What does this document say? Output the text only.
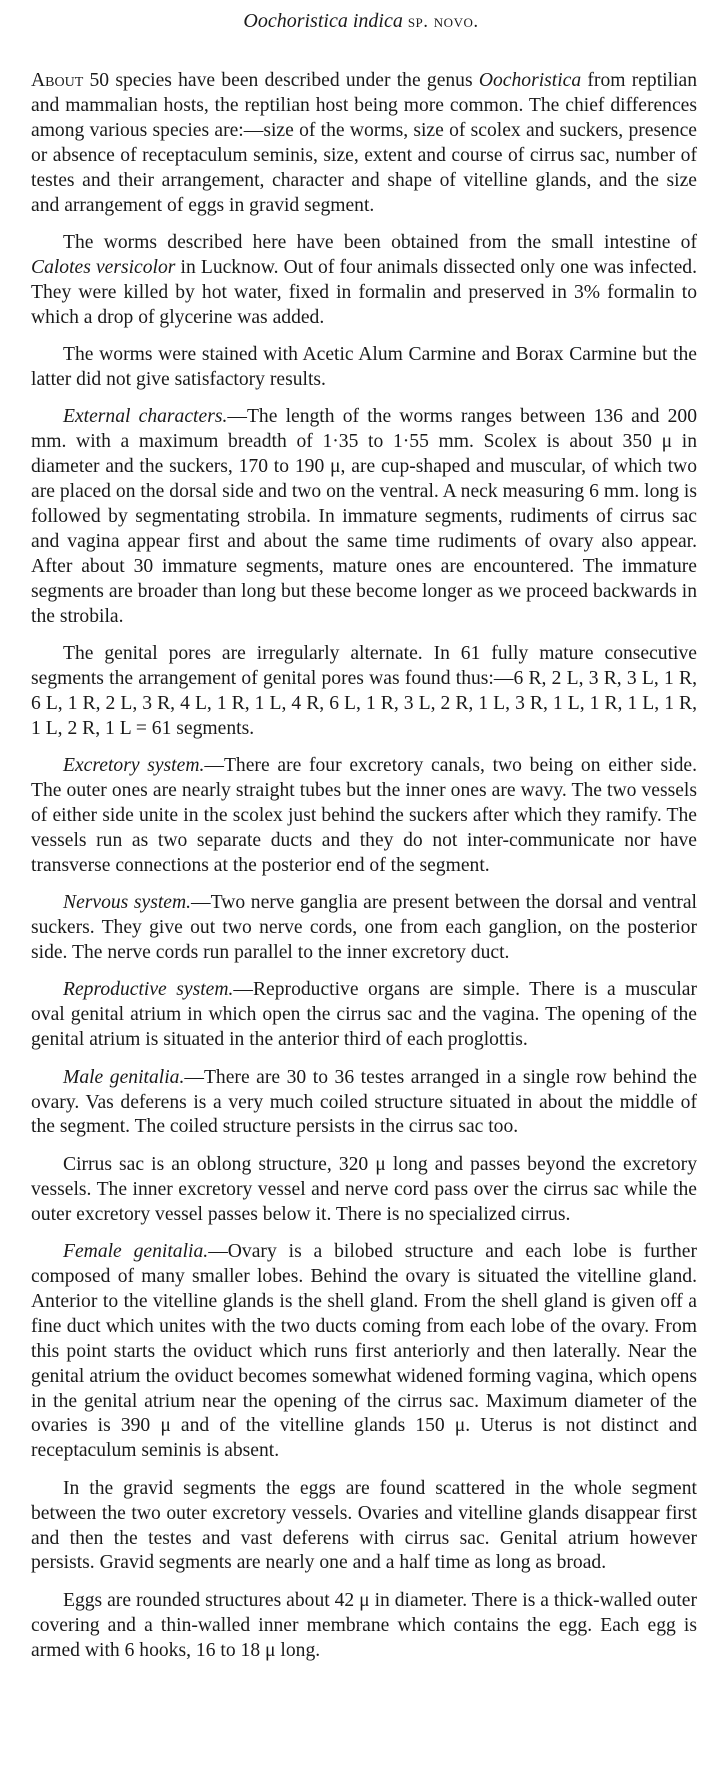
Oochoristica indica sp. novo.

About 50 species have been described under the genus Oochoristica from reptilian and mammalian hosts, the reptilian host being more common. The chief differences among various species are:—size of the worms, size of scolex and suckers, presence or absence of receptaculum seminis, size, extent and course of cirrus sac, number of testes and their arrangement, character and shape of vitelline glands, and the size and arrangement of eggs in gravid segment.

The worms described here have been obtained from the small intestine of Calotes versicolor in Lucknow. Out of four animals dissected only one was infected. They were killed by hot water, fixed in formalin and preserved in 3% formalin to which a drop of glycerine was added.

The worms were stained with Acetic Alum Carmine and Borax Carmine but the latter did not give satisfactory results.

External characters.—The length of the worms ranges between 136 and 200 mm. with a maximum breadth of 1·35 to 1·55 mm. Scolex is about 350 μ in diameter and the suckers, 170 to 190 μ, are cup-shaped and muscular, of which two are placed on the dorsal side and two on the ventral. A neck measuring 6 mm. long is followed by segmentating strobila. In immature segments, rudiments of cirrus sac and vagina appear first and about the same time rudiments of ovary also appear. After about 30 immature segments, mature ones are encountered. The immature segments are broader than long but these become longer as we proceed backwards in the strobila.

The genital pores are irregularly alternate. In 61 fully mature consecutive segments the arrangement of genital pores was found thus:—6 R, 2 L, 3 R, 3 L, 1 R, 6 L, 1 R, 2 L, 3 R, 4 L, 1 R, 1 L, 4 R, 6 L, 1 R, 3 L, 2 R, 1 L, 3 R, 1 L, 1 R, 1 L, 1 R, 1 L, 2 R, 1 L = 61 segments.

Excretory system.—There are four excretory canals, two being on either side. The outer ones are nearly straight tubes but the inner ones are wavy. The two vessels of either side unite in the scolex just behind the suckers after which they ramify. The vessels run as two separate ducts and they do not inter-communicate nor have transverse connections at the posterior end of the segment.

Nervous system.—Two nerve ganglia are present between the dorsal and ventral suckers. They give out two nerve cords, one from each ganglion, on the posterior side. The nerve cords run parallel to the inner excretory duct.

Reproductive system.—Reproductive organs are simple. There is a muscular oval genital atrium in which open the cirrus sac and the vagina. The opening of the genital atrium is situated in the anterior third of each proglottis.

Male genitalia.—There are 30 to 36 testes arranged in a single row behind the ovary. Vas deferens is a very much coiled structure situated in about the middle of the segment. The coiled structure persists in the cirrus sac too.

Cirrus sac is an oblong structure, 320 μ long and passes beyond the excretory vessels. The inner excretory vessel and nerve cord pass over the cirrus sac while the outer excretory vessel passes below it. There is no specialized cirrus.

Female genitalia.—Ovary is a bilobed structure and each lobe is further composed of many smaller lobes. Behind the ovary is situated the vitelline gland. Anterior to the vitelline glands is the shell gland. From the shell gland is given off a fine duct which unites with the two ducts coming from each lobe of the ovary. From this point starts the oviduct which runs first anteriorly and then laterally. Near the genital atrium the oviduct becomes somewhat widened forming vagina, which opens in the genital atrium near the opening of the cirrus sac. Maximum diameter of the ovaries is 390 μ and of the vitelline glands 150 μ. Uterus is not distinct and receptaculum seminis is absent.

In the gravid segments the eggs are found scattered in the whole segment between the two outer excretory vessels. Ovaries and vitelline glands disappear first and then the testes and vast deferens with cirrus sac. Genital atrium however persists. Gravid segments are nearly one and a half time as long as broad.

Eggs are rounded structures about 42 μ in diameter. There is a thick-walled outer covering and a thin-walled inner membrane which contains the egg. Each egg is armed with 6 hooks, 16 to 18 μ long.
